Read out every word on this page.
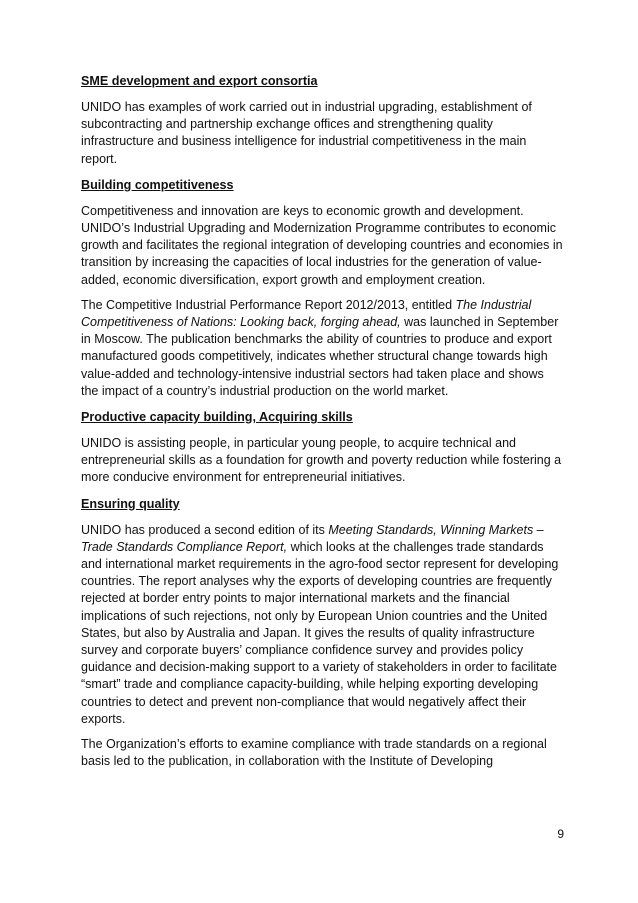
SME development and export consortia

UNIDO has examples of work carried out in industrial upgrading, establishment of subcontracting and partnership exchange offices and strengthening quality infrastructure and business intelligence for industrial competitiveness in the main report.

Building competitiveness

Competitiveness and innovation are keys to economic growth and development. UNIDO’s Industrial Upgrading and Modernization Programme contributes to economic growth and facilitates the regional integration of developing countries and economies in transition by increasing the capacities of local industries for the generation of value-added, economic diversification, export growth and employment creation.

The Competitive Industrial Performance Report 2012/2013, entitled The Industrial Competitiveness of Nations: Looking back, forging ahead, was launched in September in Moscow. The publication benchmarks the ability of countries to produce and export manufactured goods competitively, indicates whether structural change towards high value-added and technology-intensive industrial sectors had taken place and shows the impact of a country’s industrial production on the world market.

Productive capacity building, Acquiring skills

UNIDO is assisting people, in particular young people, to acquire technical and entrepreneurial skills as a foundation for growth and poverty reduction while fostering a more conducive environment for entrepreneurial initiatives.

Ensuring quality

UNIDO has produced a second edition of its Meeting Standards, Winning Markets – Trade Standards Compliance Report, which looks at the challenges trade standards and international market requirements in the agro-food sector represent for developing countries. The report analyses why the exports of developing countries are frequently rejected at border entry points to major international markets and the financial implications of such rejections, not only by European Union countries and the United States, but also by Australia and Japan. It gives the results of quality infrastructure survey and corporate buyers’ compliance confidence survey and provides policy guidance and decision-making support to a variety of stakeholders in order to facilitate “smart” trade and compliance capacity-building, while helping exporting developing countries to detect and prevent non-compliance that would negatively affect their exports.

The Organization’s efforts to examine compliance with trade standards on a regional basis led to the publication, in collaboration with the Institute of Developing

9
